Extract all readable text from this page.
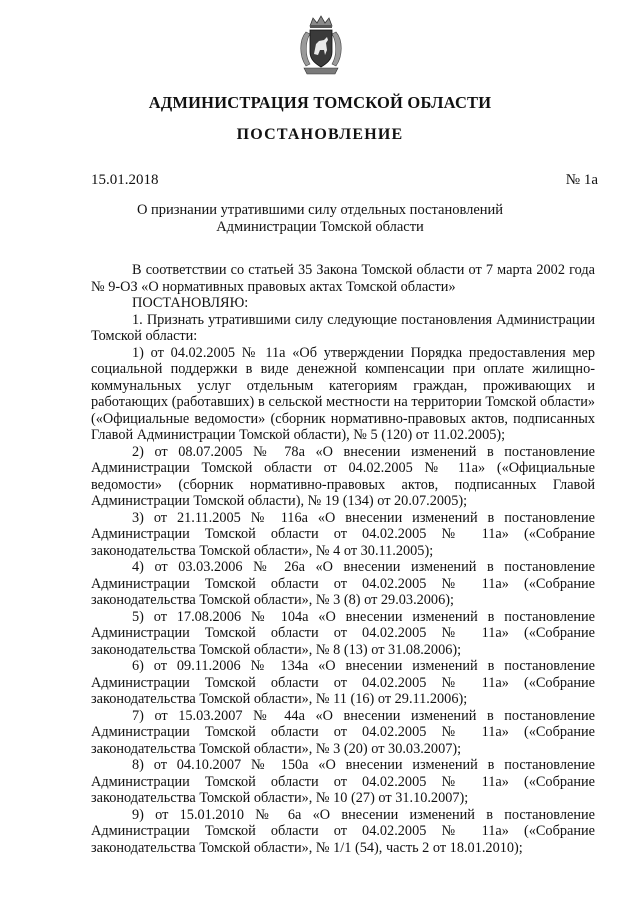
АДМИНИСТРАЦИЯ ТОМСКОЙ ОБЛАСТИ
ПОСТАНОВЛЕНИЕ
15.01.2018	№ 1а
О признании утратившими силу отдельных постановлений
Администрации Томской области

В соответствии со статьей 35 Закона Томской области от 7 марта 2002 года № 9-ОЗ «О нормативных правовых актах Томской области»

ПОСТАНОВЛЯЮ:

1. Признать утратившими силу следующие постановления Администрации Томской области:

1) от 04.02.2005 № 11а «Об утверждении Порядка предоставления мер социальной поддержки в виде денежной компенсации при оплате жилищно-коммунальных услуг отдельным категориям граждан, проживающих и работающих (работавших) в сельской местности на территории Томской области» («Официальные ведомости» (сборник нормативно-правовых актов, подписанных Главой Администрации Томской области), № 5 (120) от 11.02.2005);

2) от 08.07.2005 № 78а «О внесении изменений в постановление Администрации Томской области от 04.02.2005 № 11а» («Официальные ведомости» (сборник нормативно-правовых актов, подписанных Главой Администрации Томской области), № 19 (134) от 20.07.2005);

3) от 21.11.2005 № 116а «О внесении изменений в постановление Администрации Томской области от 04.02.2005 № 11а» («Собрание законодательства Томской области», № 4 от 30.11.2005);

4) от 03.03.2006 № 26а «О внесении изменений в постановление Администрации Томской области от 04.02.2005 № 11а» («Собрание законодательства Томской области», № 3 (8) от 29.03.2006);

5) от 17.08.2006 № 104а «О внесении изменений в постановление Администрации Томской области от 04.02.2005 № 11а» («Собрание законодательства Томской области», № 8 (13) от 31.08.2006);

6) от 09.11.2006 № 134а «О внесении изменений в постановление Администрации Томской области от 04.02.2005 № 11а» («Собрание законодательства Томской области», № 11 (16) от 29.11.2006);

7) от 15.03.2007 № 44а «О внесении изменений в постановление Администрации Томской области от 04.02.2005 № 11а» («Собрание законодательства Томской области», № 3 (20) от 30.03.2007);

8) от 04.10.2007 № 150а «О внесении изменений в постановление Администрации Томской области от 04.02.2005 № 11а» («Собрание законодательства Томской области», № 10 (27) от 31.10.2007);

9) от 15.01.2010 № 6а «О внесении изменений в постановление Администрации Томской области от 04.02.2005 № 11а» («Собрание законодательства Томской области», № 1/1 (54), часть 2 от 18.01.2010);
